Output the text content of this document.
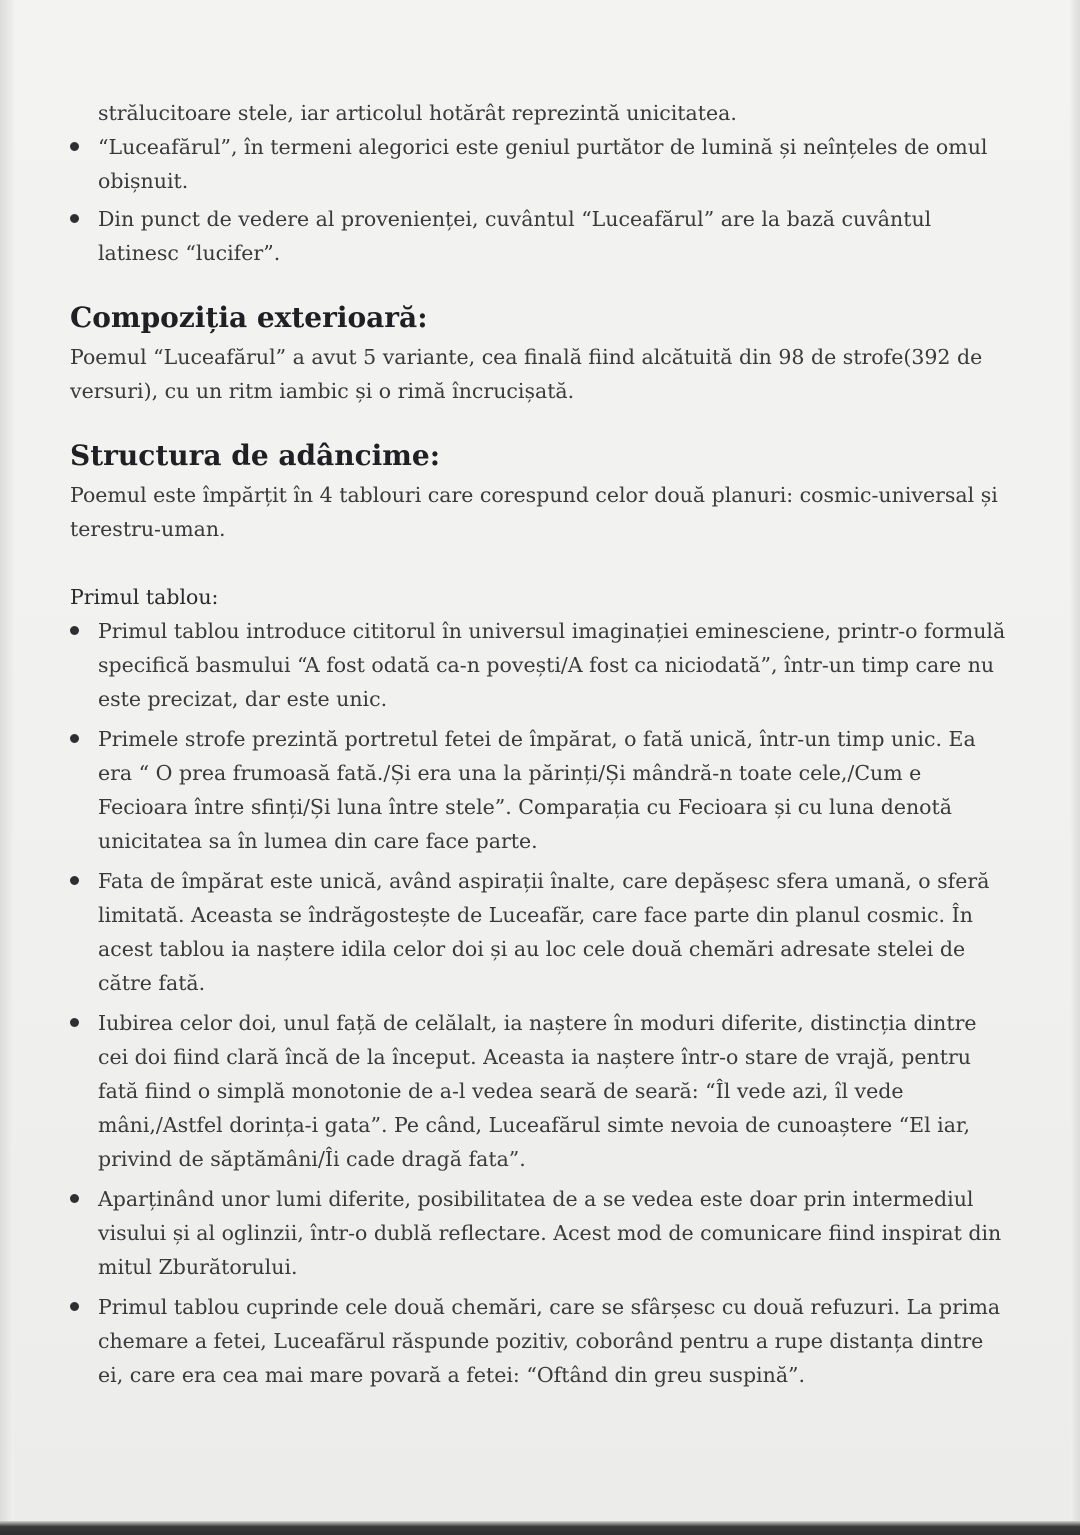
strălucitoare stele, iar articolul hotărât reprezintă unicitatea.

“Luceafărul”, în termeni alegorici este geniul purtător de lumină și neînțeles de omul obișnuit.
Din punct de vedere al provenienței, cuvântul “Luceafărul” are la bază cuvântul latinesc “lucifer”.
Compoziția exterioară:

Poemul “Luceafărul” a avut 5 variante, cea finală fiind alcătuită din 98 de strofe(392 de versuri), cu un ritm iambic și o rimă încrucișată.

Structura de adâncime:

Poemul este împărțit în 4 tablouri care corespund celor două planuri: cosmic-universal și terestru-uman.

Primul tablou:

Primul tablou introduce cititorul în universul imaginației eminesciene, printr-o formulă specifică basmului “A fost odată ca-n povești/A fost ca niciodată”, într-un timp care nu este precizat, dar este unic.
Primele strofe prezintă portretul fetei de împărat, o fată unică, într-un timp unic. Ea era “ O prea frumoasă fată./Și era una la părinți/Și mândră-n toate cele,/Cum e Fecioara între sfinți/Și luna între stele”. Comparația cu Fecioara și cu luna denotă unicitatea sa în lumea din care face parte.
Fata de împărat este unică, având aspirații înalte, care depășesc sfera umană, o sferă limitată. Aceasta se îndrăgostește de Luceafăr, care face parte din planul cosmic. În acest tablou ia naștere idila celor doi și au loc cele două chemări adresate stelei de către fată.
Iubirea celor doi, unul față de celălalt, ia naștere în moduri diferite, distincția dintre cei doi fiind clară încă de la început. Aceasta ia naștere într-o stare de vrajă, pentru fată fiind o simplă monotonie de a-l vedea seară de seară: “Îl vede azi, îl vede mâni,/Astfel dorința-i gata”. Pe când, Luceafărul simte nevoia de cunoaștere “El iar, privind de săptămâni/Îi cade dragă fata”.
Aparținând unor lumi diferite, posibilitatea de a se vedea este doar prin intermediul visului și al oglinzii, într-o dublă reflectare. Acest mod de comunicare fiind inspirat din mitul Zburătorului.
Primul tablou cuprinde cele două chemări, care se sfârșesc cu două refuzuri. La prima chemare a fetei, Luceafărul răspunde pozitiv, coborând pentru a rupe distanța dintre ei, care era cea mai mare povară a fetei: “Oftând din greu suspină”.
